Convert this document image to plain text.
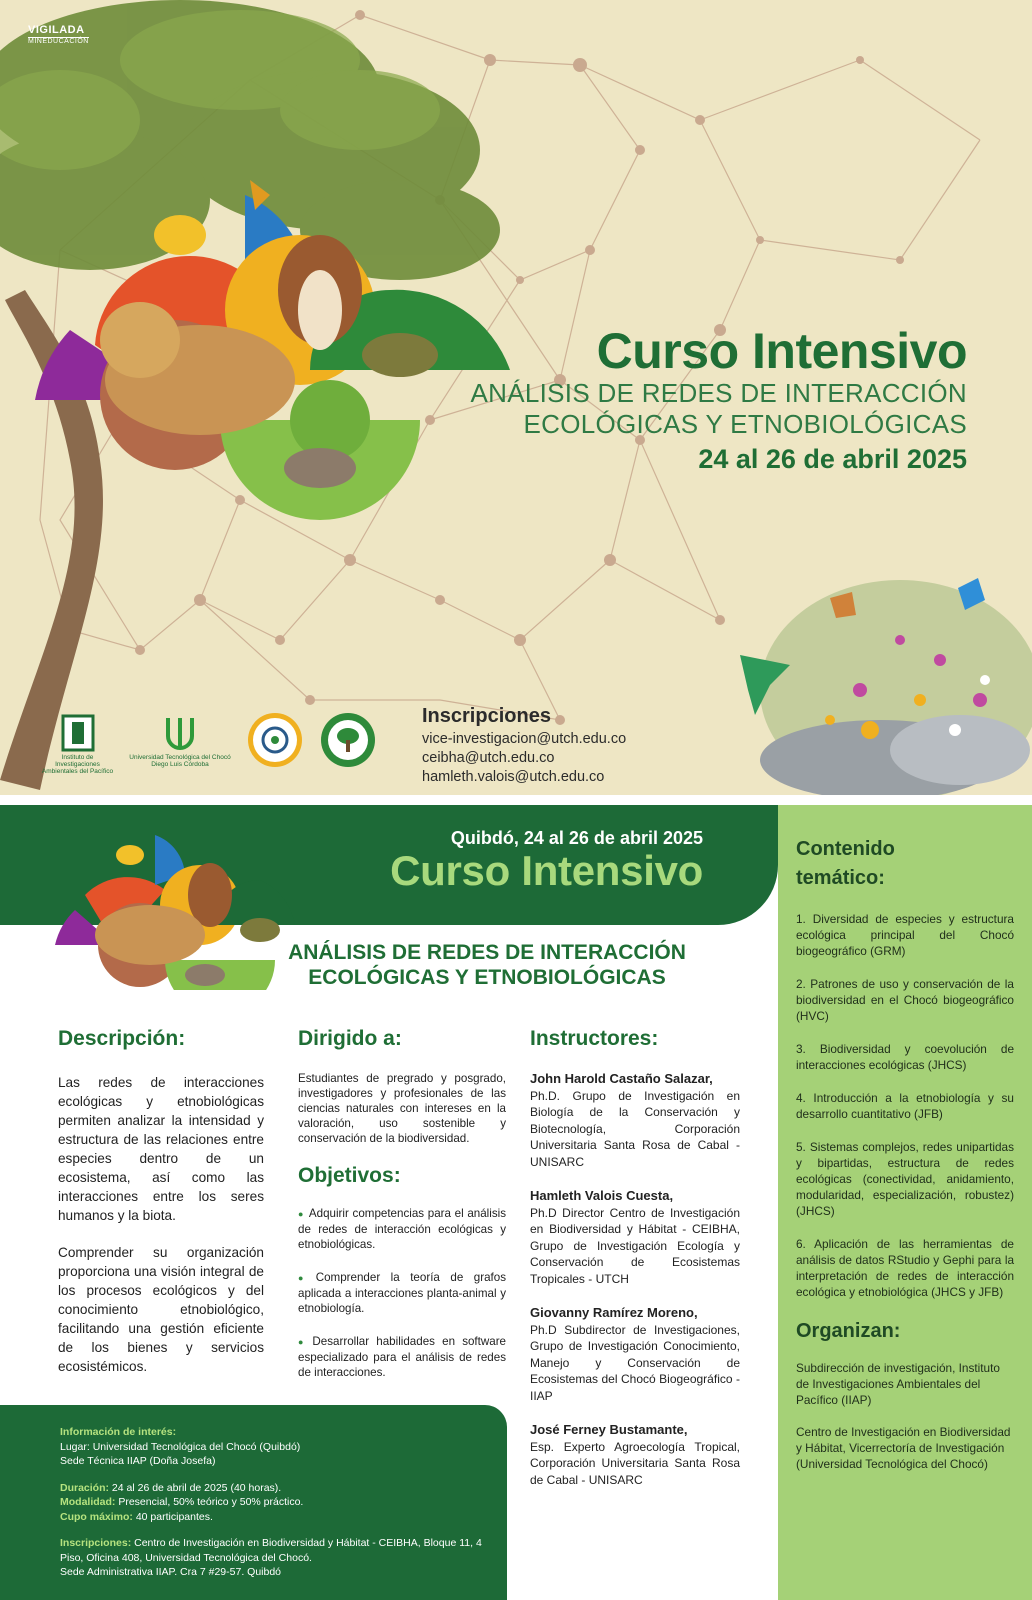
VIGILADA
MINEDUCACIÓN
Curso Intensivo
ANÁLISIS DE REDES DE INTERACCIÓN
ECOLÓGICAS Y ETNOBIOLÓGICAS
24 al 26 de abril 2025
Instituto de Investigaciones Ambientales del Pacífico
Universidad Tecnológica del Chocó Diego Luis Córdoba
Inscripciones
vice-investigacion@utch.edu.co
ceibha@utch.edu.co
hamleth.valois@utch.edu.co
Quibdó, 24 al 26 de abril 2025
Curso Intensivo
ANÁLISIS DE REDES DE INTERACCIÓN
ECOLÓGICAS Y ETNOBIOLÓGICAS
Descripción:
Las redes de interacciones ecológicas y etnobiológicas permiten analizar la intensidad y estructura de las relaciones entre especies dentro de un ecosistema, así como las interacciones entre los seres humanos y la biota.
Comprender su organización proporciona una visión integral de los procesos ecológicos y del conocimiento etnobiológico, facilitando una gestión eficiente de los bienes y servicios ecosistémicos.
Dirigido a:
Estudiantes de pregrado y posgrado, investigadores y profesionales de las ciencias naturales con intereses en la valoración, uso sostenible y conservación de la biodiversidad.
Objetivos:
● Adquirir competencias para el análisis de redes de interacción ecológicas y etnobiológicas.
● Comprender la teoría de grafos aplicada a interacciones planta-animal y etnobiología.
● Desarrollar habilidades en software especializado para el análisis de redes de interacciones.
Instructores:
John Harold Castaño Salazar,
Ph.D. Grupo de Investigación en Biología de la Conservación y Biotecnología, Corporación Universitaria Santa Rosa de Cabal - UNISARC
Hamleth Valois Cuesta,
Ph.D Director Centro de Investigación en Biodiversidad y Hábitat - CEIBHA, Grupo de Investigación Ecología y Conservación de Ecosistemas Tropicales - UTCH
Giovanny Ramírez Moreno,
Ph.D Subdirector de Investigaciones, Grupo de Investigación Conocimiento, Manejo y Conservación de Ecosistemas del Chocó Biogeográfico - IIAP
José Ferney Bustamante,
Esp. Experto Agroecología Tropical, Corporación Universitaria Santa Rosa de Cabal - UNISARC
Información de interés:
Lugar: Universidad Tecnológica del Chocó (Quibdó)
Sede Técnica IIAP (Doña Josefa)
Duración: 24 al 26 de abril de 2025 (40 horas).
Modalidad: Presencial, 50% teórico y 50% práctico.
Cupo máximo: 40 participantes.
Inscripciones: Centro de Investigación en Biodiversidad y Hábitat - CEIBHA, Bloque 11, 4 Piso, Oficina 408, Universidad Tecnológica del Chocó.
Sede Administrativa IIAP. Cra 7 #29-57. Quibdó
Contenido
temático:
1. Diversidad de especies y estructura ecológica principal del Chocó biogeográfico (GRM)
2. Patrones de uso y conservación de la biodiversidad en el Chocó biogeográfico (HVC)
3. Biodiversidad y coevolución de interacciones ecológicas (JHCS)
4. Introducción a la etnobiología y su desarrollo cuantitativo (JFB)
5. Sistemas complejos, redes unipartidas y bipartidas, estructura de redes ecológicas (conectividad, anidamiento, modularidad, especialización, robustez) (JHCS)
6. Aplicación de las herramientas de análisis de datos RStudio y Gephi para la interpretación de redes de interacción ecológica y etnobiológica (JHCS y JFB)
Organizan:
Subdirección de investigación, Instituto de Investigaciones Ambientales del Pacífico (IIAP)
Centro de Investigación en Biodiversidad y Hábitat, Vicerrectoría de Investigación (Universidad Tecnológica del Chocó)
